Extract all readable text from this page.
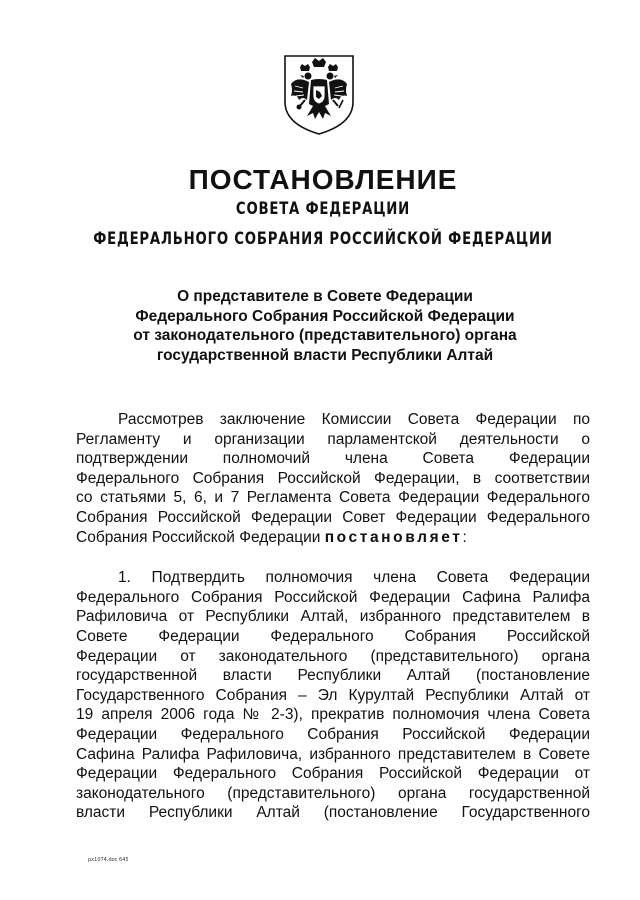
ПОСТАНОВЛЕНИЕ
СОВЕТА ФЕДЕРАЦИИ
ФЕДЕРАЛЬНОГО СОБРАНИЯ РОССИЙСКОЙ ФЕДЕРАЦИИ
О представителе в Совете Федерации
Федерального Собрания Российской Федерации
от законодательного (представительного) органа
государственной власти Республики Алтай
Рассмотрев заключение Комиссии Совета Федерации по
Регламенту и организации парламентской деятельности о
подтверждении полномочий члена Совета Федерации
Федерального Собрания Российской Федерации, в соответствии
со статьями 5, 6, и 7 Регламента Совета Федерации Федерального
Собрания Российской Федерации Совет Федерации Федерального
Собрания Российской Федерации постановляет:
1. Подтвердить полномочия члена Совета Федерации
Федерального Собрания Российской Федерации Сафина Ралифа
Рафиловича от Республики Алтай, избранного представителем в
Совете Федерации Федерального Собрания Российской
Федерации от законодательного (представительного) органа
государственной власти Республики Алтай (постановление
Государственного Собрания – Эл Курултай Республики Алтай от
19 апреля 2006 года № 2-3), прекратив полномочия члена Совета
Федерации Федерального Собрания Российской Федерации
Сафина Ралифа Рафиловича, избранного представителем в Совете
Федерации Федерального Собрания Российской Федерации от
законодательного (представительного) органа государственной
власти Республики Алтай (постановление Государственного
px1074.doc 645
